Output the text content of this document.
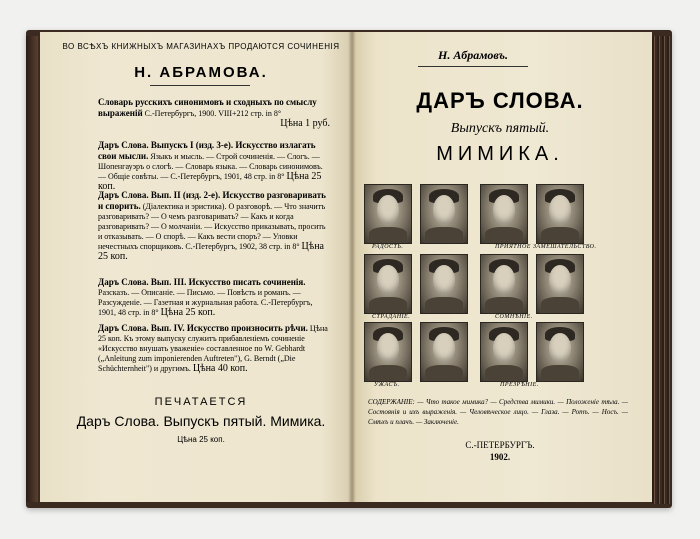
ВО ВСѢХЪ КНИЖНЫХЪ МАГАЗИНАХЪ ПРОДАЮТСЯ СОЧИНЕНІЯ
Н. АБРАМОВА.
Словарь русскихъ синонимовъ и сходныхъ по смыслу выраженій С.-Петербургъ, 1900. VIII+212 стр. in 8°
Цѣна 1 руб.
Даръ Слова. Выпускъ I (изд. 3-е). Искусство излагать свои мысли. Языкъ и мысль. — Строй сочиненія. — Слогъ. — Шопенгауэръ о слогѣ. — Словарь языка. — Словарь синонимовъ. — Общіе совѣты. — С.-Петербургъ, 1901, 48 стр. in 8° Цѣна 25 коп.
Даръ Слова. Вып. II (изд. 2-е). Искусство разговаривать и спорить. (Діалектика и эристика). О разговорѣ. — Что значитъ разговаривать? — О чемъ разговаривать? — Какъ и когда разговаривать? — О молчаніи. — Искусство приказывать, просить и отказывать. — О спорѣ. — Какъ вести споръ? — Уловки нечестныхъ спорщиковъ. С.-Петербургъ, 1902, 38 стр. in 8° Цѣна 25 коп.
Даръ Слова. Вып. III. Искусство писать сочиненія. Разсказъ. — Описаніе. — Письмо. — Повѣсть и романъ. — Разсужденіе. — Газетная и журнальная работа. С.-Петербургъ, 1901, 48 стр. in 8° Цѣна 25 коп.
Даръ Слова. Вып. IV. Искусство произносить рѣчи. Цѣна 25 коп. Къ этому выпуску служитъ прибавленіемъ сочиненіе «Искусство внушать уваженіе» составленное по W. Gebhardt („Anleitung zum imponierenden Auftreten"), G. Berndt („Die Schüchternheit") и другимъ. Цѣна 40 коп.
ПЕЧАТАЕТСЯ
Даръ Слова. Выпускъ пятый. Мимика.
Цѣна 25 коп.
Н. Абрамовъ.
ДАРЪ СЛОВА.
Выпускъ пятый.
МИМИКА.
РАДОСТЬ.	ПРИЯТНОЕ ЗАМЕШАТЕЛЬСТВО.
СТРАДАНІЕ.	СОМНѢНІЕ.
УЖАСЪ.	ПРЕЗРѢНІЕ.
СОДЕРЖАНІЕ: — Что такое мимика? — Средства мимики. — Положеніе тѣла. — Состоянія и ихъ выраженія. — Человѣческое лицо. — Глаза. — Ротъ. — Носъ. — Смѣхъ и плачъ. — Заключеніе.
С.-ПЕТЕРБУРГЪ.
1902.
